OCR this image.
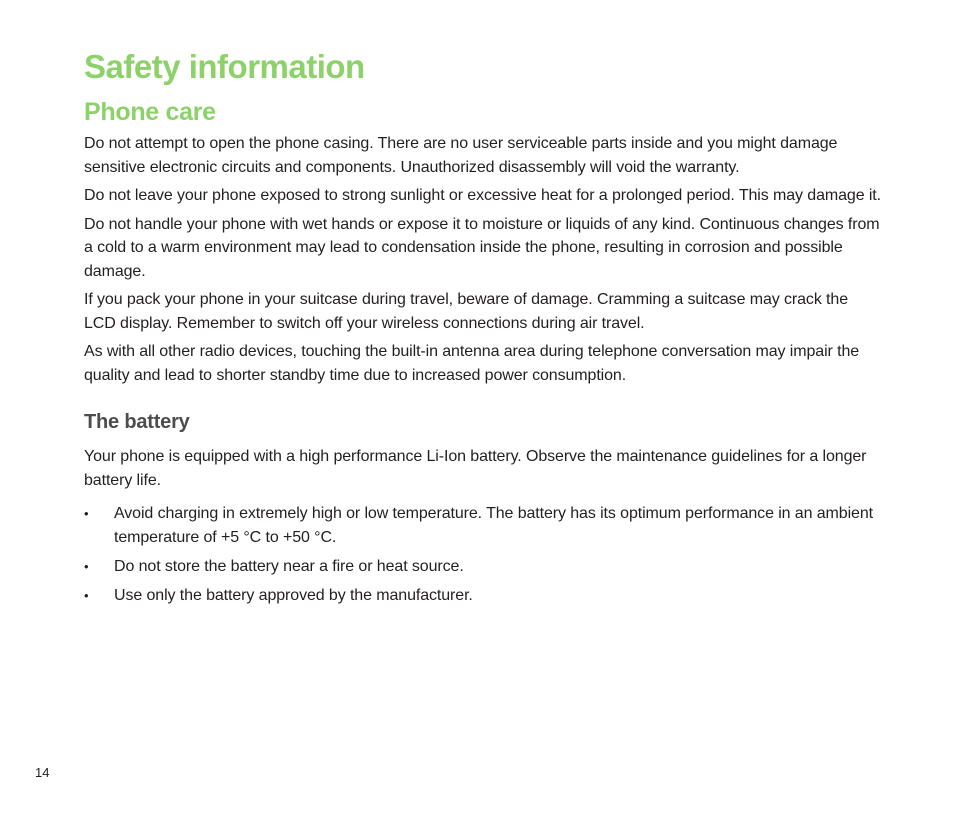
Safety information
Phone care

Do not attempt to open the phone casing. There are no user serviceable parts inside and you might damage sensitive electronic circuits and components. Unauthorized disassembly will void the warranty.

Do not leave your phone exposed to strong sunlight or excessive heat for a prolonged period. This may damage it.

Do not handle your phone with wet hands or expose it to moisture or liquids of any kind. Continuous changes from a cold to a warm environment may lead to condensation inside the phone, resulting in corrosion and possible damage.

If you pack your phone in your suitcase during travel, beware of damage. Cramming a suitcase may crack the LCD display. Remember to switch off your wireless connections during air travel.

As with all other radio devices, touching the built-in antenna area during telephone conversation may impair the quality and lead to shorter standby time due to increased power consumption.

The battery

Your phone is equipped with a high performance Li-Ion battery. Observe the maintenance guidelines for a longer battery life.

• Avoid charging in extremely high or low temperature. The battery has its optimum performance in an ambient temperature of +5 °C to +50 °C.
• Do not store the battery near a fire or heat source.
• Use only the battery approved by the manufacturer.
14
